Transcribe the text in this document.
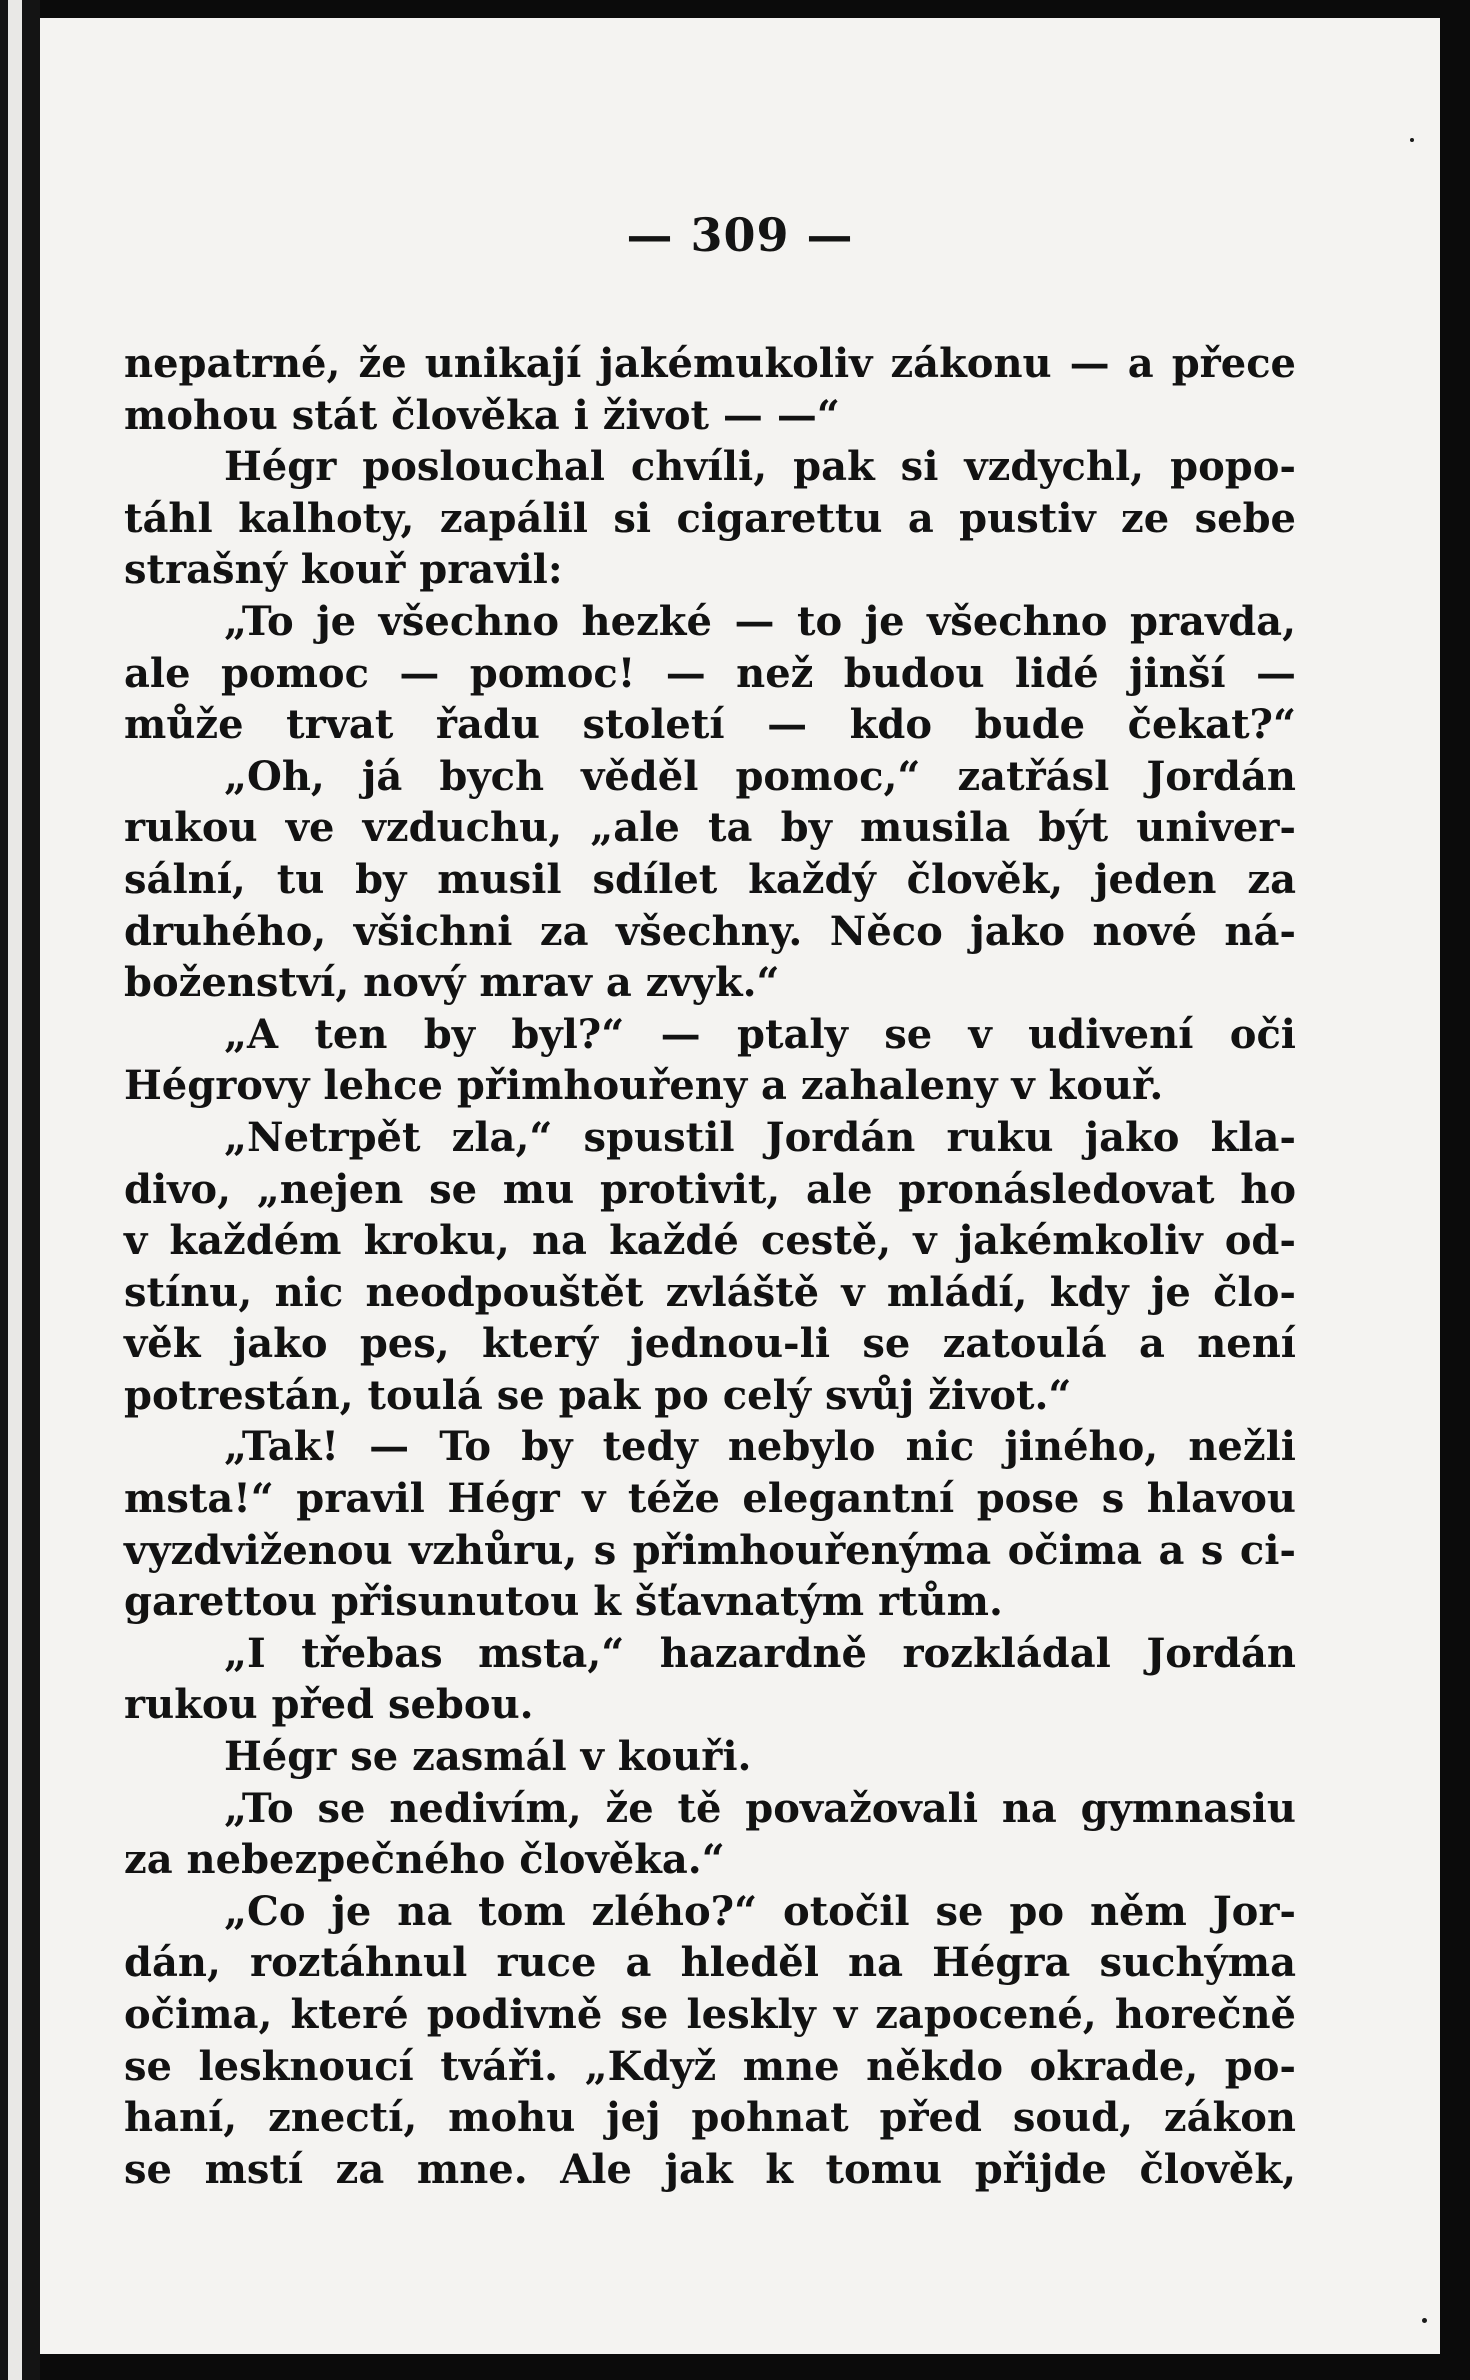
— 309 —
nepatrné, že unikají jakémukoliv zákonu — a přece
mohou stát člověka i život — —“
Hégr poslouchal chvíli, pak si vzdychl, popo-
táhl kalhoty, zapálil si cigarettu a pustiv ze sebe
strašný kouř pravil:
„To je všechno hezké — to je všechno pravda,
ale pomoc — pomoc! — než budou lidé jinší —
může trvat řadu století — kdo bude čekat?“
„Oh, já bych věděl pomoc,“ zatřásl Jordán
rukou ve vzduchu, „ale ta by musila být univer-
sální, tu by musil sdílet každý člověk, jeden za
druhého, všichni za všechny. Něco jako nové ná-
boženství, nový mrav a zvyk.“
„A ten by byl?“ — ptaly se v udivení oči
Hégrovy lehce přimhouřeny a zahaleny v kouř.
„Netrpět zla,“ spustil Jordán ruku jako kla-
divo, „nejen se mu protivit, ale pronásledovat ho
v každém kroku, na každé cestě, v jakémkoliv od-
stínu, nic neodpouštět zvláště v mládí, kdy je člo-
věk jako pes, který jednou-li se zatoulá a není
potrestán, toulá se pak po celý svůj život.“
„Tak! — To by tedy nebylo nic jiného, nežli
msta!“ pravil Hégr v téže elegantní pose s hlavou
vyzdviženou vzhůru, s přimhouřenýma očima a s ci-
garettou přisunutou k šťavnatým rtům.
„I třebas msta,“ hazardně rozkládal Jordán
rukou před sebou.
Hégr se zasmál v kouři.
„To se nedivím, že tě považovali na gymnasiu
za nebezpečného člověka.“
„Co je na tom zlého?“ otočil se po něm Jor-
dán, roztáhnul ruce a hleděl na Hégra suchýma
očima, které podivně se leskly v zapocené, horečně
se lesknoucí tváři. „Když mne někdo okrade, po-
haní, znectí, mohu jej pohnat před soud, zákon
se mstí za mne. Ale jak k tomu přijde člověk,
